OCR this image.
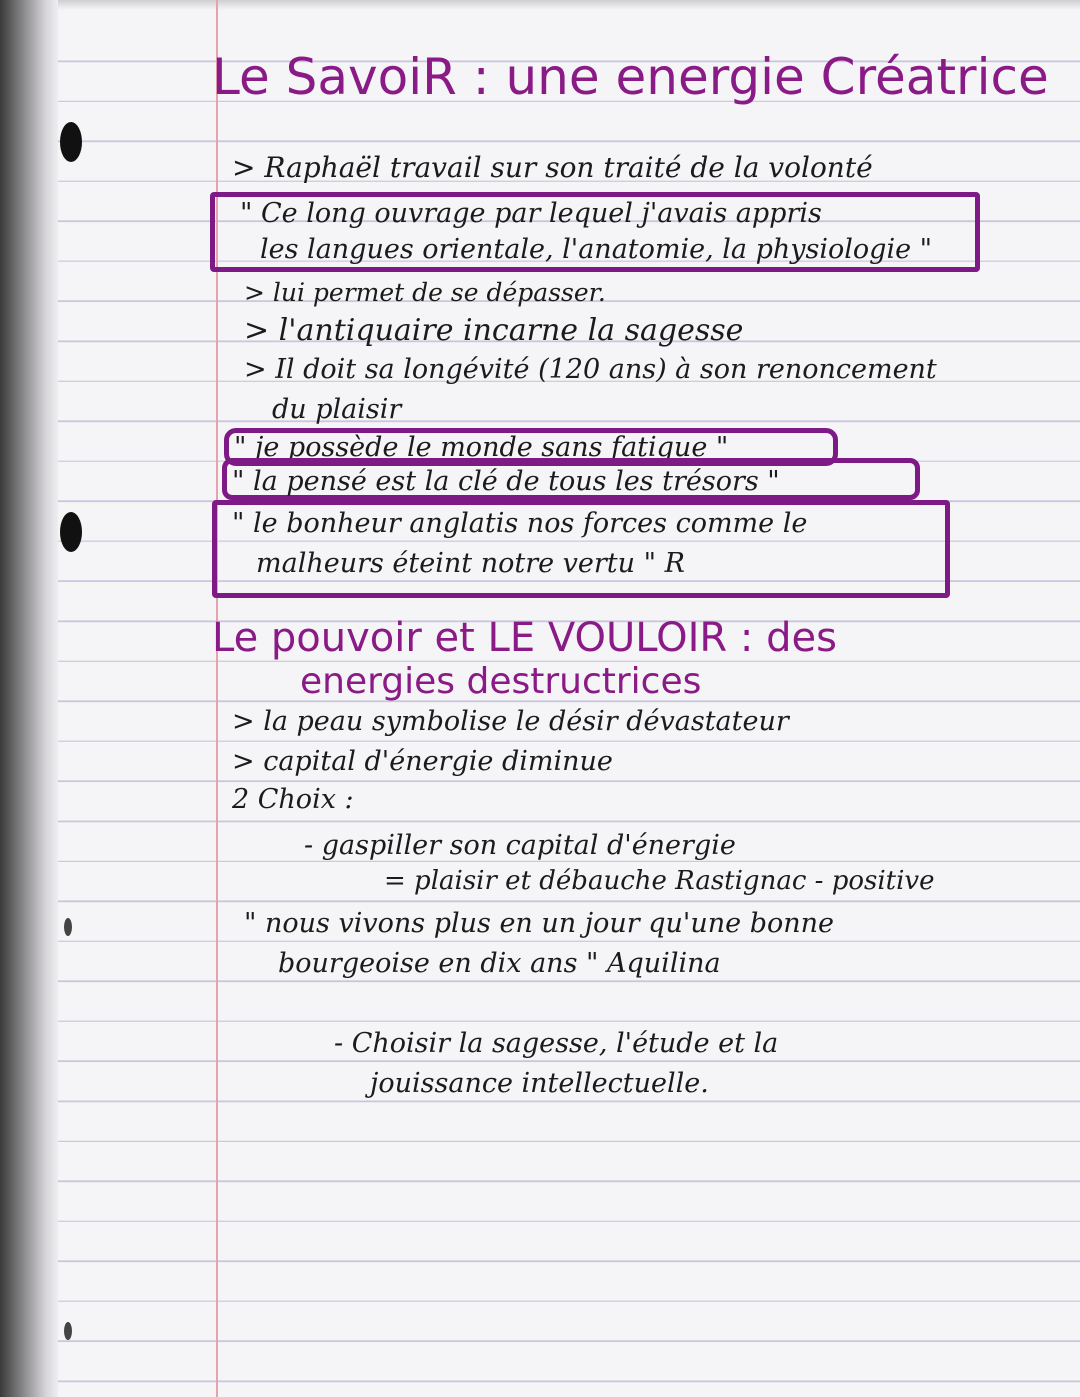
Le SavoiR : une energie Créatrice
> Raphaël travail sur son traité de la volonté
" Ce long ouvrage par lequel j'avais appris
les langues orientale, l'anatomie, la physiologie "
> lui permet de se dépasser.
> l'antiquaire incarne la sagesse
> Il doit sa longévité (120 ans) à son renoncement
du plaisir
" je possède le monde sans fatigue "
" la pensé est la clé de tous les trésors "
" le bonheur anglatis nos forces comme le
malheurs éteint notre vertu " R
Le pouvoir et LE VOULOIR : des
energies destructrices
> la peau symbolise le désir dévastateur
> capital d'énergie diminue
2 Choix :
- gaspiller son capital d'énergie
= plaisir et débauche Rastignac - positive
" nous vivons plus en un jour qu'une bonne
bourgeoise en dix ans " Aquilina
- Choisir la sagesse, l'étude et la
jouissance intellectuelle.
